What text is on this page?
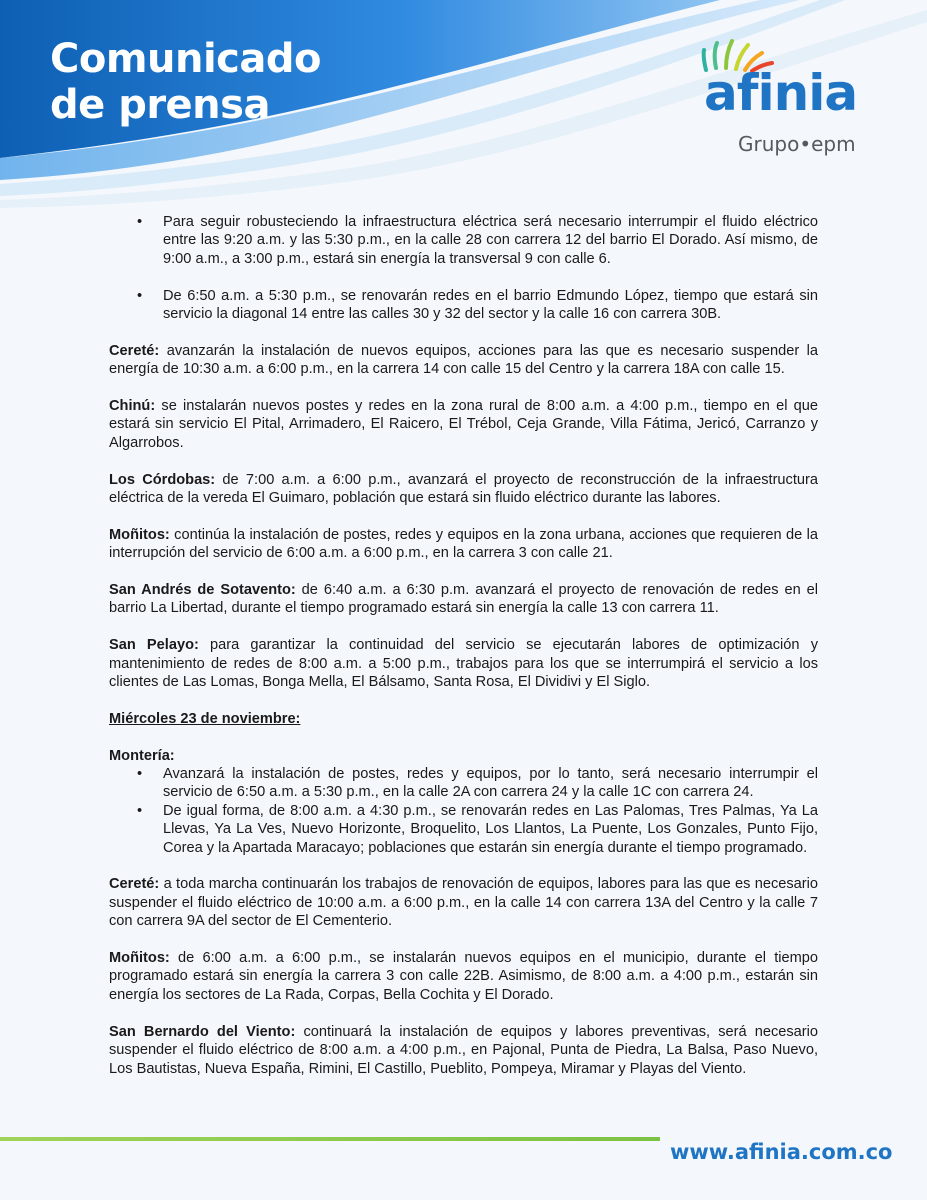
Comunicado
de prensa	afinia
Grupo•epm
• Para seguir robusteciendo la infraestructura eléctrica será necesario interrumpir el fluido eléctrico entre las 9:20 a.m. y las 5:30 p.m., en la calle 28 con carrera 12 del barrio El Dorado. Así mismo, de 9:00 a.m., a 3:00 p.m., estará sin energía la transversal 9 con calle 6.
• De 6:50 a.m. a 5:30 p.m., se renovarán redes en el barrio Edmundo López, tiempo que estará sin servicio la diagonal 14 entre las calles 30 y 32 del sector y la calle 16 con carrera 30B.

Cereté: avanzarán la instalación de nuevos equipos, acciones para las que es necesario suspender la energía de 10:30 a.m. a 6:00 p.m., en la carrera 14 con calle 15 del Centro y la carrera 18A con calle 15.

Chinú: se instalarán nuevos postes y redes en la zona rural de 8:00 a.m. a 4:00 p.m., tiempo en el que estará sin servicio El Pital, Arrimadero, El Raicero, El Trébol, Ceja Grande, Villa Fátima, Jericó, Carranzo y Algarrobos.

Los Córdobas: de 7:00 a.m. a 6:00 p.m., avanzará el proyecto de reconstrucción de la infraestructura eléctrica de la vereda El Guimaro, población que estará sin fluido eléctrico durante las labores.

Moñitos: continúa la instalación de postes, redes y equipos en la zona urbana, acciones que requieren de la interrupción del servicio de 6:00 a.m. a 6:00 p.m., en la carrera 3 con calle 21.

San Andrés de Sotavento: de 6:40 a.m. a 6:30 p.m. avanzará el proyecto de renovación de redes en el barrio La Libertad, durante el tiempo programado estará sin energía la calle 13 con carrera 11.

San Pelayo: para garantizar la continuidad del servicio se ejecutarán labores de optimización y mantenimiento de redes de 8:00 a.m. a 5:00 p.m., trabajos para los que se interrumpirá el servicio a los clientes de Las Lomas, Bonga Mella, El Bálsamo, Santa Rosa, El Dividivi y El Siglo.

Miércoles 23 de noviembre:
Montería:
• Avanzará la instalación de postes, redes y equipos, por lo tanto, será necesario interrumpir el servicio de 6:50 a.m. a 5:30 p.m., en la calle 2A con carrera 24 y la calle 1C con carrera 24.
• De igual forma, de 8:00 a.m. a 4:30 p.m., se renovarán redes en Las Palomas, Tres Palmas, Ya La Llevas, Ya La Ves, Nuevo Horizonte, Broquelito, Los Llantos, La Puente, Los Gonzales, Punto Fijo, Corea y la Apartada Maracayo; poblaciones que estarán sin energía durante el tiempo programado.

Cereté: a toda marcha continuarán los trabajos de renovación de equipos, labores para las que es necesario suspender el fluido eléctrico de 10:00 a.m. a 6:00 p.m., en la calle 14 con carrera 13A del Centro y la calle 7 con carrera 9A del sector de El Cementerio.

Moñitos: de 6:00 a.m. a 6:00 p.m., se instalarán nuevos equipos en el municipio, durante el tiempo programado estará sin energía la carrera 3 con calle 22B. Asimismo, de 8:00 a.m. a 4:00 p.m., estarán sin energía los sectores de La Rada, Corpas, Bella Cochita y El Dorado.

San Bernardo del Viento: continuará la instalación de equipos y labores preventivas, será necesario suspender el fluido eléctrico de 8:00 a.m. a 4:00 p.m., en Pajonal, Punta de Piedra, La Balsa, Paso Nuevo, Los Bautistas, Nueva España, Rimini, El Castillo, Pueblito, Pompeya, Miramar y Playas del Viento.

www.afinia.com.co
